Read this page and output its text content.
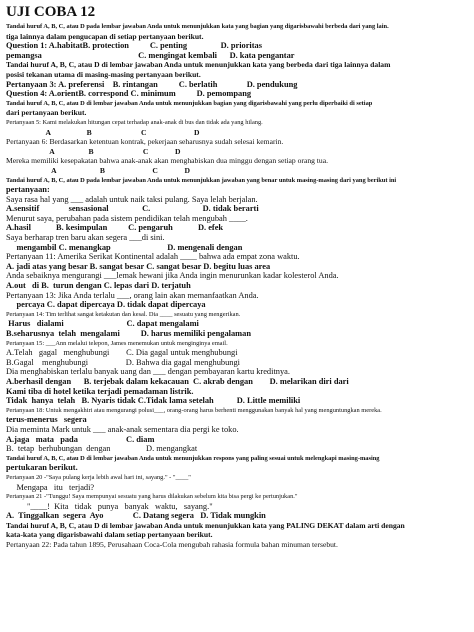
UJI COBA 12
Tandai huruf A, B, C, atau D pada lembar jawaban Anda untuk menunjukkan kata yang bagian yang digarisbawahi berbeda dari yang lain.
tiga lainnya dalam pengucapan di setiap pertanyaan berikut.
Question 1: A.habitatB. protection          C. penting                D. prioritas
pemangsa                                              C. mengingat kembali      D. kata pengantar
Tandai huruf A, B, C, atau D di lembar jawaban Anda untuk menunjukkan kata yang berbeda dari tiga lainnya dalam
posisi tekanan utama di masing-masing pertanyaan berikut.
Pertanyaan 3: A. preferensi    B. rintangan          C. berlatih              D. pendukung
Question 4: A.orientB. correspond C. minimum          D. pemompang
Tandai huruf A, B, C, atau D di lembar jawaban Anda untuk menunjukkan bagian yang digarisbawahi yang perlu diperbaiki di setiap
dari pertanyaan berikut.
Pertanyaan 5: Kami melakukan hitungan cepat terhadap anak-anak di bus dan tidak ada yang hilang.
A                   B                          C                         D
Pertanyaan 6: Berdasarkan ketentuan kontrak, pekerjaan seharusnya sudah selesai kemarin.
A                  B                          C              D
Mereka memiliki kesepakatan bahwa anak-anak akan menghabiskan dua minggu dengan setiap orang tua.
A                       B                         C              D
Tandai huruf A, B, C, atau D pada lembar jawaban Anda untuk menunjukkan jawaban yang benar untuk masing-masing dari yang berikut ini
pertanyaan:
Saya rasa hal yang ___ adalah untuk naik taksi pulang. Saya lelah berjalan.
A.sensitif              sensasional                C.                         D. tidak berarti
Menurut saya, perubahan pada sistem pendidikan telah mengubah ____.
A.hasil            B. kesimpulan          C. pengaruh            D. efek
Saya berharap tren baru akan segera ___di sini.
mengambil C. menangkap                           D. mengenali dengan
Pertanyaan 11: Amerika Serikat Kontinental adalah ____ bahwa ada empat zona waktu.
A. jadi atas yang besar B. sangat besar C. sangat besar D. begitu luas area
Anda sebaiknya mengurangi ___lemak hewani jika Anda ingin menurunkan kadar kolesterol Anda.
A.out   di B.  turun dengan C. lepas dari D. terjatuh
Pertanyaan 13: Jika Anda terlalu ___, orang lain akan memanfaatkan Anda.
percaya C. dapat dipercaya D. tidak dapat dipercaya
Pertanyaan 14: Tim terlihat sangat ketakutan dan kesal. Dia ____ sesuatu yang mengerikan.
Harus   dialami                              C. dapat mengalami
B.seharusnya  telah  mengalami          D. harus memiliki pengalaman
Pertanyaan 15: ___Ann melalui telepon, James menemukan untuk menginginya email.
A.Telah   gagal   menghubungi        C. Dia gagal untuk menghubungi
B.Gagal    menghubungi                  D. Bahwa dia gagal menghubungi
Dia menghabiskan terlalu banyak uang dan ___ dengan pembayaran kartu kreditnya.
A.berhasil dengan      B. terjebak dalam kekacauan  C. akrab dengan        D. melarikan diri dari
Kami tiba di hotel ketika terjadi pemadaman listrik.
Tidak  hanya  telah   B. Nyaris tidak C.Tidak lama setelah           D. Little memiliki
Pertanyaan 18: Untuk mengakhiri atau mengurangi polusi___, orang-orang harus berhenti menggunakan banyak hal yang menguntungkan mereka.
terus-menerus   segera
Dia meminta Mark untuk ___ anak-anak sementara dia pergi ke toko.
A.jaga   mata   pada                       C. diam
B.  tetap  berhubungan  dengan                 D. mengangkat
Tandai huruf A, B, C, atau D di lembar jawaban Anda untuk menunjukkan respons yang paling sesuai untuk melengkapi masing-masing
pertukaran berikut.
Pertanyaan 20 -"Saya pulang kerja lebih awal hari ini, sayang." - "____"
Mengapa   itu   terjadi?
Pertanyaan 21 -"Tunggu! Saya mempunyai sesuatu yang harus dilakukan sebelum kita bisa pergi ke pertunjukan."
"____!  Kita   tidak   punya   banyak   waktu,   sayang."
A.  Tinggalkan  segera  Ayo              C. Datang segera   D. Tidak mungkin
Tandai huruf A, B, C, atau D di lembar jawaban Anda untuk menunjukkan kata yang PALING DEKAT dalam arti dengan
kata-kata yang digarisbawahi dalam setiap pertanyaan berikut.
Pertanyaan 22: Pada tahun 1895, Perusahaan Coca-Cola mengubah rahasia formula bahan minuman tersebut.
